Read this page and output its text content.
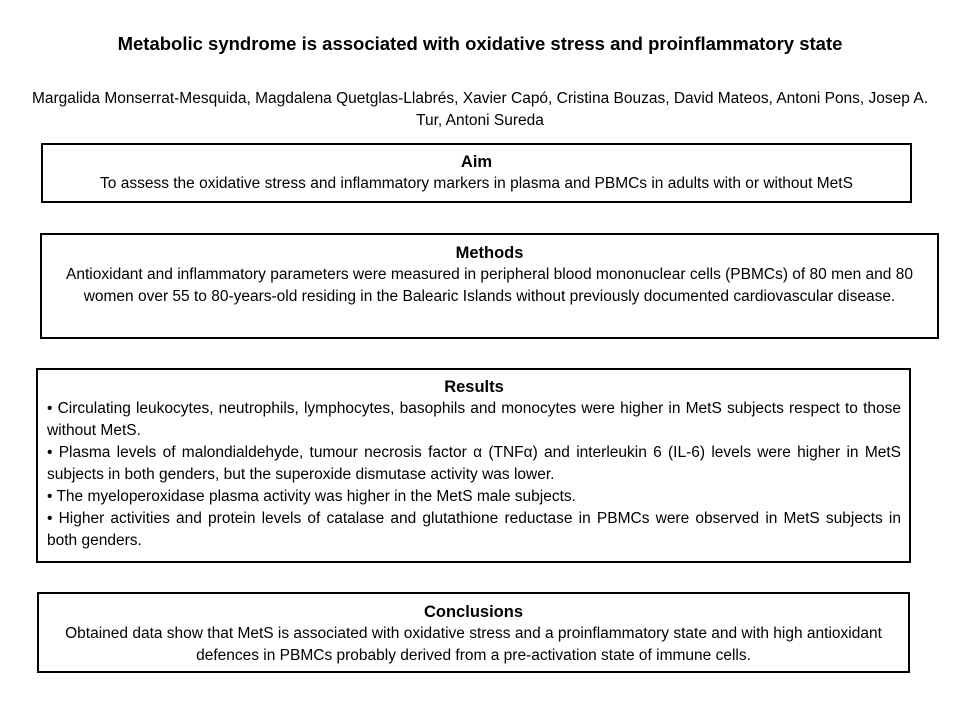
Metabolic syndrome is associated with oxidative stress and proinflammatory state
Margalida Monserrat-Mesquida, Magdalena Quetglas-Llabrés, Xavier Capó, Cristina Bouzas, David Mateos, Antoni Pons, Josep A. Tur, Antoni Sureda
Aim
To assess the oxidative stress and inflammatory markers in plasma and PBMCs in adults with or without MetS
Methods
Antioxidant and inflammatory parameters were measured in peripheral blood mononuclear cells (PBMCs) of 80 men and 80 women over 55 to 80-years-old residing in the Balearic Islands without previously documented cardiovascular disease.
Results

• Circulating leukocytes, neutrophils, lymphocytes, basophils and monocytes were higher in MetS subjects respect to those without MetS.

• Plasma levels of malondialdehyde, tumour necrosis factor α (TNFα) and interleukin 6 (IL-6) levels were higher in MetS subjects in both genders, but the superoxide dismutase activity was lower.

• The myeloperoxidase plasma activity was higher in the MetS male subjects.

• Higher activities and protein levels of catalase and glutathione reductase in PBMCs were observed in MetS subjects in both genders.

Conclusions
Obtained data show that MetS is associated with oxidative stress and a proinflammatory state and with high antioxidant defences in PBMCs probably derived from a pre-activation state of immune cells.
